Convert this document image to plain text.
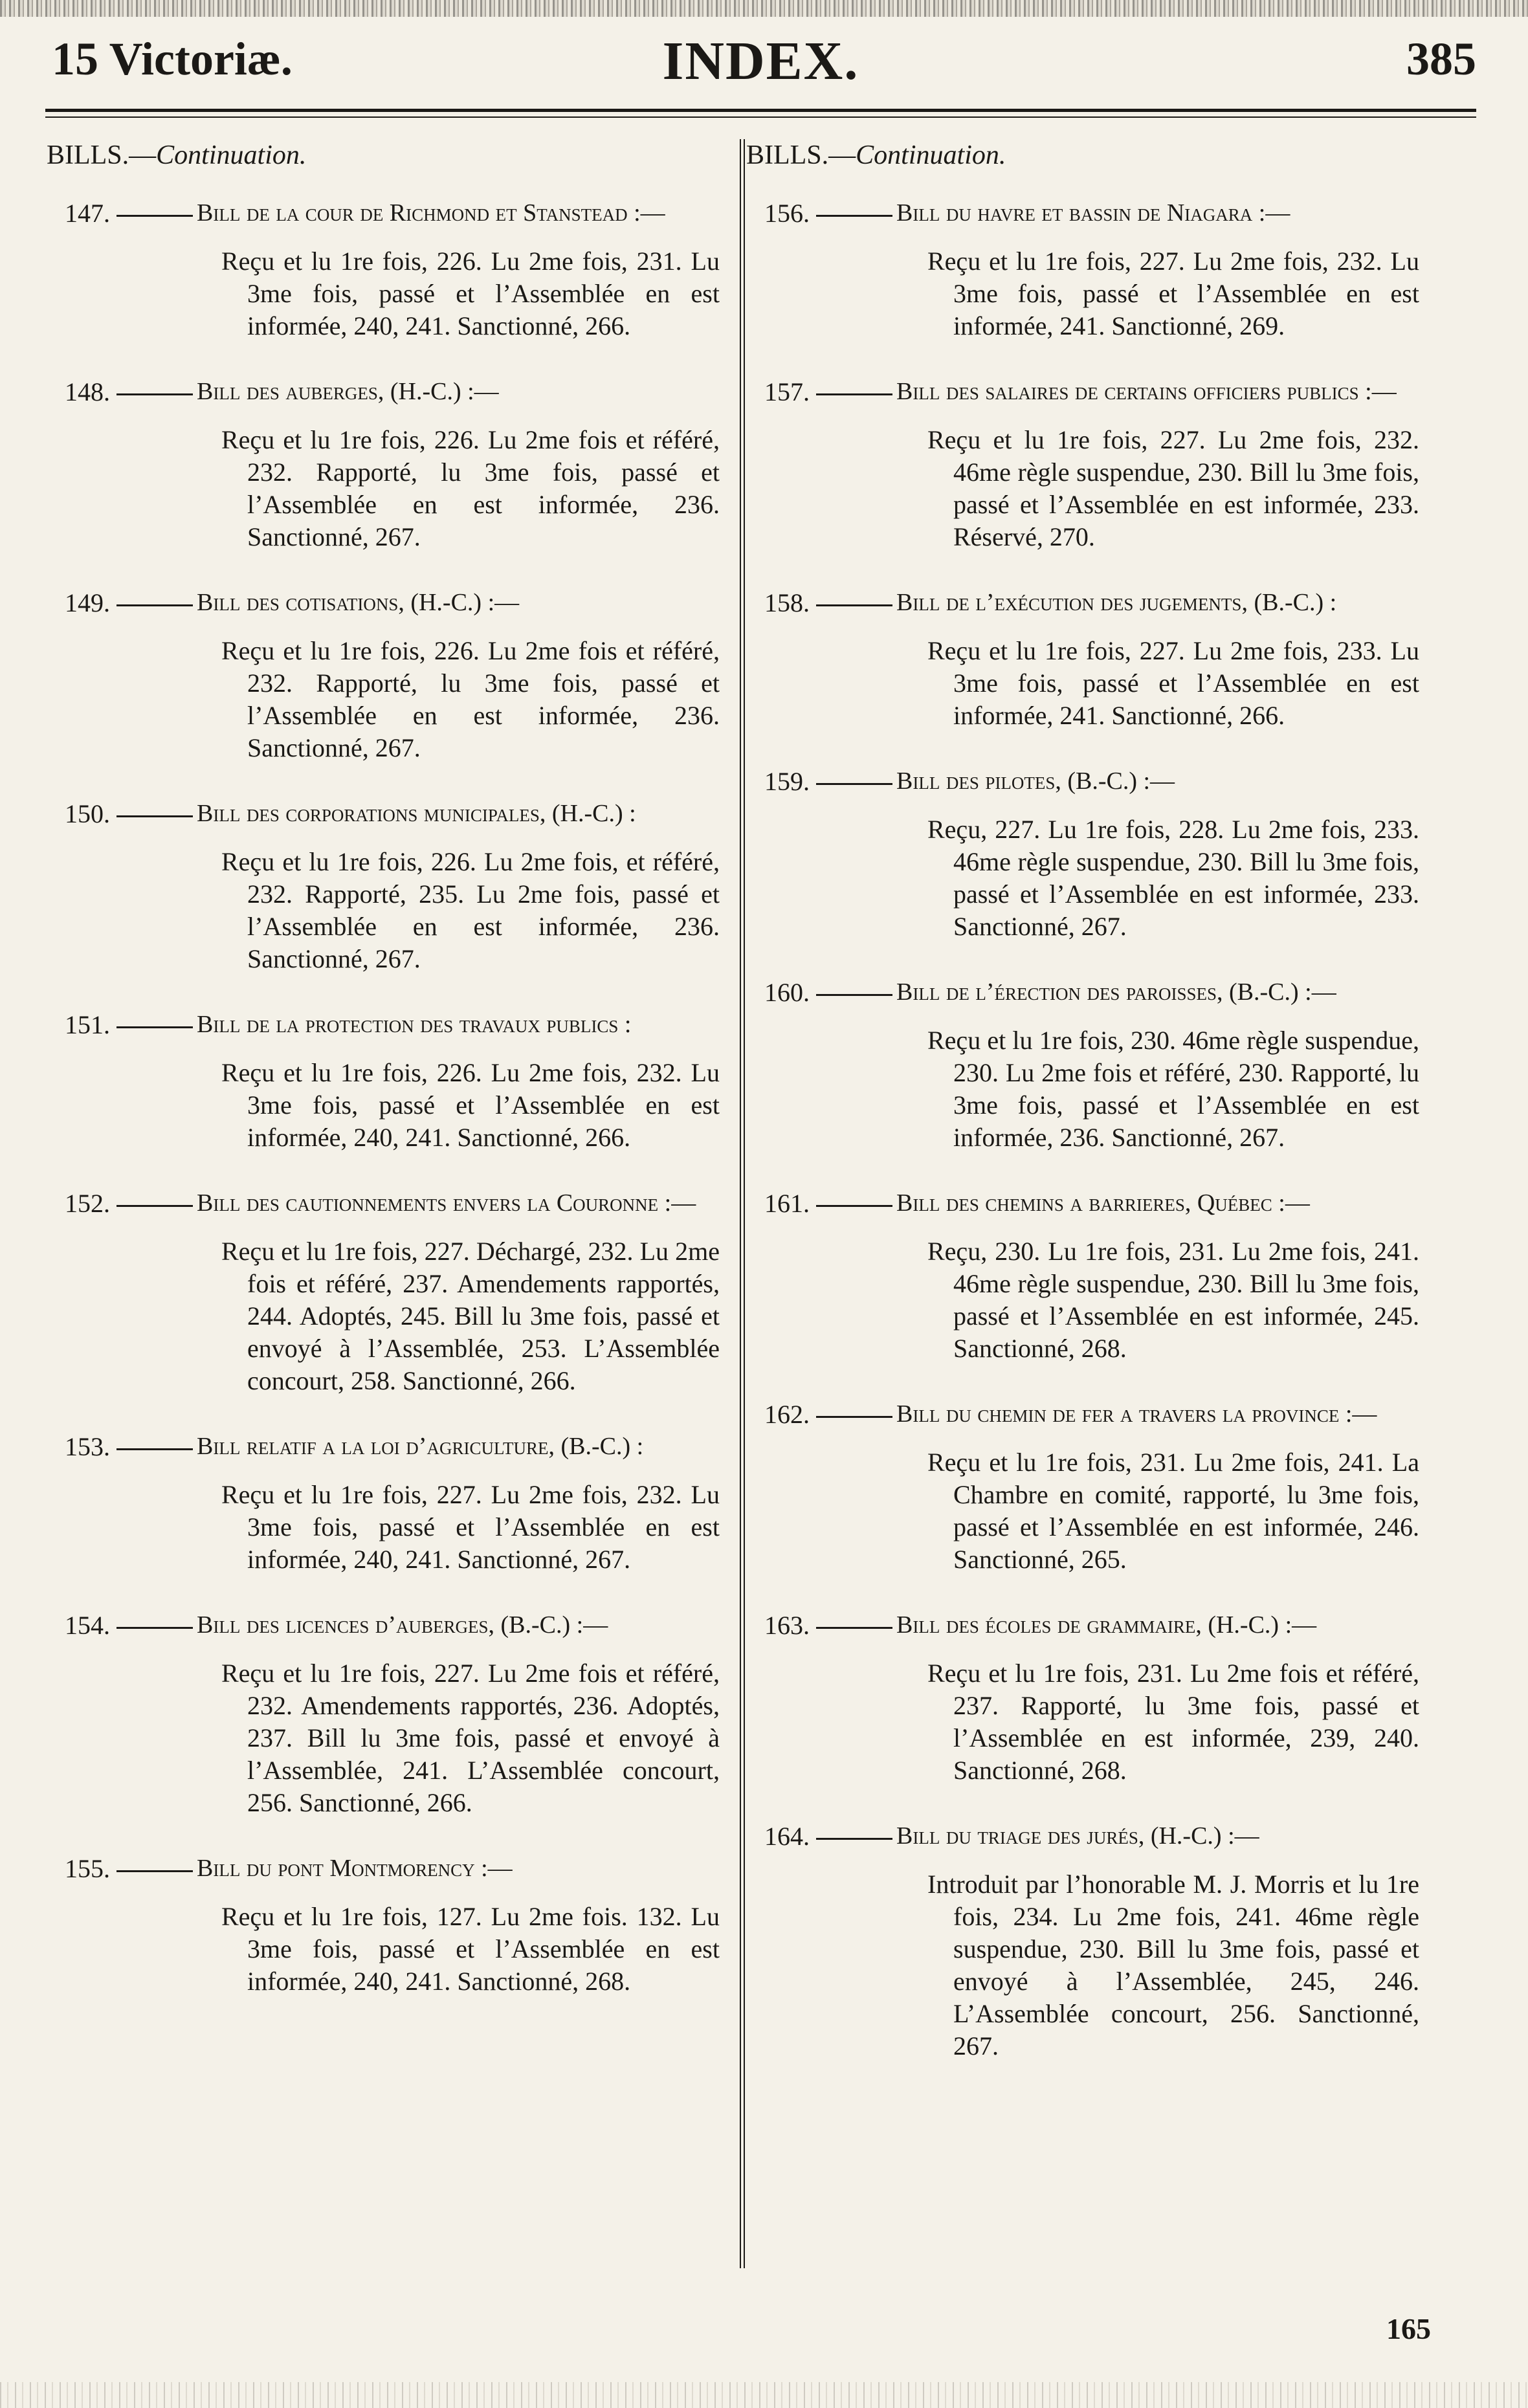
15 Victoriæ.	INDEX.	385
BILLS.—Continuation.
147.	Bill de la cour de Richmond et Stanstead :—
Reçu et lu 1re fois, 226. Lu 2me fois, 231. Lu 3me fois, passé et l’Assemblée en est informée, 240, 241. Sanctionné, 266.
148.	Bill des auberges, (H.-C.) :—
Reçu et lu 1re fois, 226. Lu 2me fois et référé, 232. Rapporté, lu 3me fois, passé et l’Assemblée en est informée, 236. Sanctionné, 267.
149.	Bill des cotisations, (H.-C.) :—
Reçu et lu 1re fois, 226. Lu 2me fois et référé, 232. Rapporté, lu 3me fois, passé et l’Assemblée en est informée, 236. Sanctionné, 267.
150.	Bill des corporations municipales, (H.-C.) :
Reçu et lu 1re fois, 226. Lu 2me fois, et référé, 232. Rapporté, 235. Lu 2me fois, passé et l’Assemblée en est informée, 236. Sanctionné, 267.
151.	Bill de la protection des travaux publics :
Reçu et lu 1re fois, 226. Lu 2me fois, 232. Lu 3me fois, passé et l’Assemblée en est informée, 240, 241. Sanctionné, 266.
152.	Bill des cautionnements envers la Couronne :—
Reçu et lu 1re fois, 227. Déchargé, 232. Lu 2me fois et référé, 237. Amendements rapportés, 244. Adoptés, 245. Bill lu 3me fois, passé et envoyé à l’Assemblée, 253. L’Assemblée concourt, 258. Sanctionné, 266.
153.	Bill relatif a la loi d’agriculture, (B.-C.) :
Reçu et lu 1re fois, 227. Lu 2me fois, 232. Lu 3me fois, passé et l’Assemblée en est informée, 240, 241. Sanctionné, 267.
154.	Bill des licences d’auberges, (B.-C.) :—
Reçu et lu 1re fois, 227. Lu 2me fois et référé, 232. Amendements rapportés, 236. Adoptés, 237. Bill lu 3me fois, passé et envoyé à l’Assemblée, 241. L’Assemblée concourt, 256. Sanctionné, 266.
155.	Bill du pont Montmorency :—
Reçu et lu 1re fois, 127. Lu 2me fois. 132. Lu 3me fois, passé et l’Assemblée en est informée, 240, 241. Sanctionné, 268.
BILLS.—Continuation.
156.	Bill du havre et bassin de Niagara :—
Reçu et lu 1re fois, 227. Lu 2me fois, 232. Lu 3me fois, passé et l’Assemblée en est informée, 241. Sanctionné, 269.
157.	Bill des salaires de certains officiers publics :—
Reçu et lu 1re fois, 227. Lu 2me fois, 232. 46me règle suspendue, 230. Bill lu 3me fois, passé et l’Assemblée en est informée, 233. Réservé, 270.
158.	Bill de l’exécution des jugements, (B.-C.) :
Reçu et lu 1re fois, 227. Lu 2me fois, 233. Lu 3me fois, passé et l’Assemblée en est informée, 241. Sanctionné, 266.
159.	Bill des pilotes, (B.-C.) :—
Reçu, 227. Lu 1re fois, 228. Lu 2me fois, 233. 46me règle suspendue, 230. Bill lu 3me fois, passé et l’Assemblée en est informée, 233. Sanctionné, 267.
160.	Bill de l’érection des paroisses, (B.-C.) :—
Reçu et lu 1re fois, 230. 46me règle suspendue, 230. Lu 2me fois et référé, 230. Rapporté, lu 3me fois, passé et l’Assemblée en est informée, 236. Sanctionné, 267.
161.	Bill des chemins a barrieres, Québec :—
Reçu, 230. Lu 1re fois, 231. Lu 2me fois, 241. 46me règle suspendue, 230. Bill lu 3me fois, passé et l’Assemblée en est informée, 245. Sanctionné, 268.
162.	Bill du chemin de fer a travers la province :—
Reçu et lu 1re fois, 231. Lu 2me fois, 241. La Chambre en comité, rapporté, lu 3me fois, passé et l’Assemblée en est informée, 246. Sanctionné, 265.
163.	Bill des écoles de grammaire, (H.-C.) :—
Reçu et lu 1re fois, 231. Lu 2me fois et référé, 237. Rapporté, lu 3me fois, passé et l’Assemblée en est informée, 239, 240. Sanctionné, 268.
164.	Bill du triage des jurés, (H.-C.) :—
Introduit par l’honorable M. J. Morris et lu 1re fois, 234. Lu 2me fois, 241. 46me règle suspendue, 230. Bill lu 3me fois, passé et envoyé à l’Assemblée, 245, 246. L’Assemblée concourt, 256. Sanctionné, 267.
165
